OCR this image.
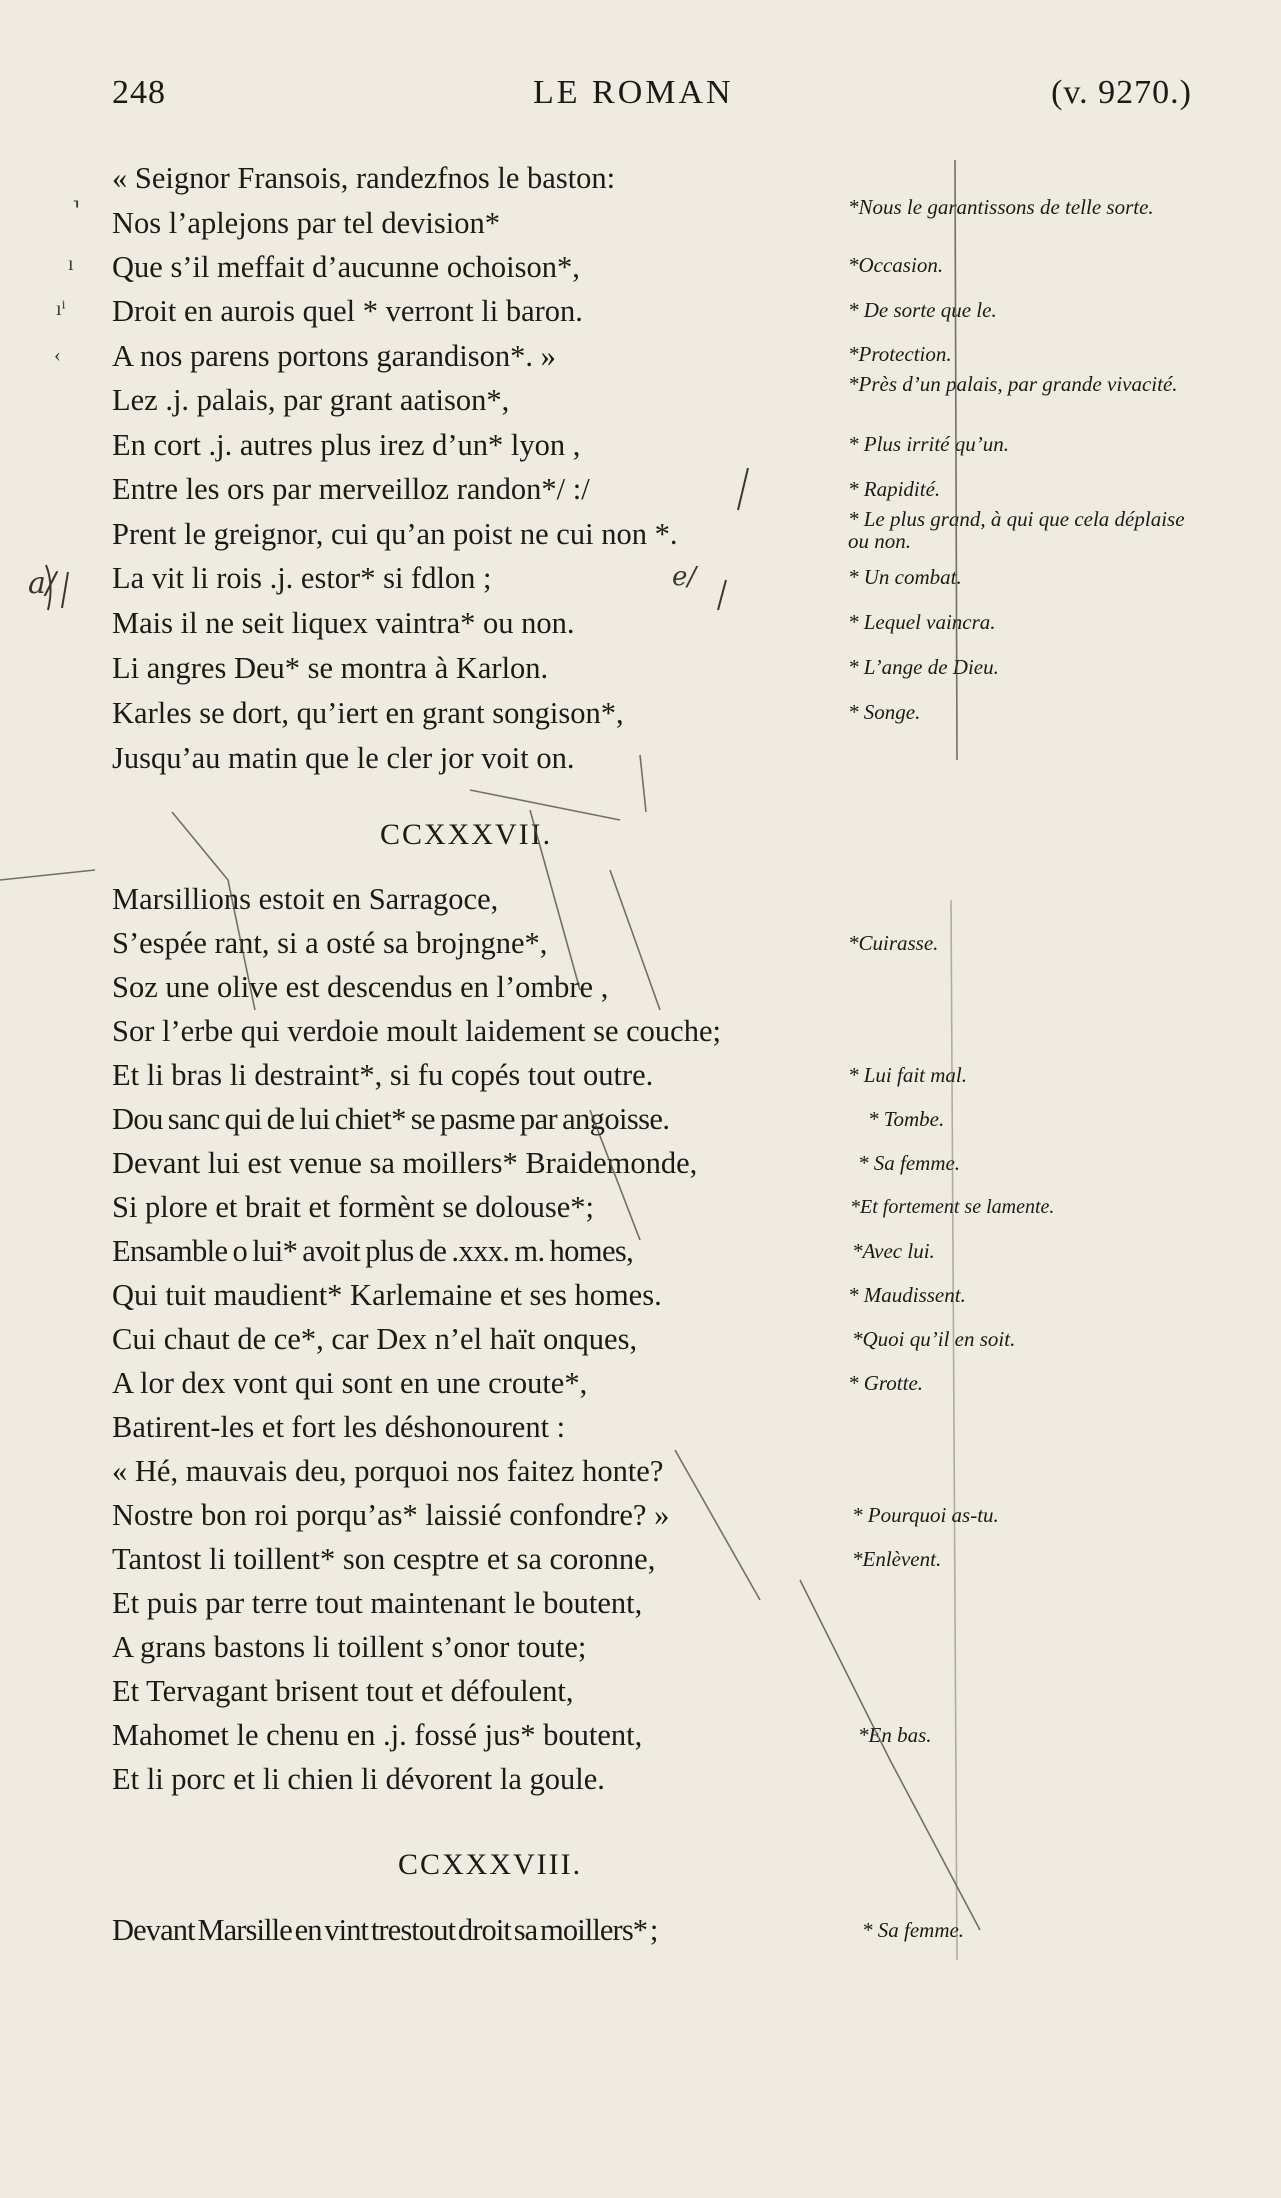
248	LE ROMAN	(v. 9270.)
« Seignor Fransois, randezfnos le baston:
Nos l’aplejons par tel devision*	*Nous le garantissons de telle sorte.
Que s’il meffait d’aucunne ochoison*,	*Occasion.
Droit en aurois quel * verront li baron.	* De sorte que le.
A nos parens portons garandison*. »	*Protection.
Lez .j. palais, par grant aatison*,	*Près d’un palais, par grande vivacité.
En cort .j. autres plus irez d’un* lyon ,	* Plus irrité qu’un.
Entre les ors par merveilloz randon*/ :/	* Rapidité.
Prent le greignor, cui qu’an poist ne cui non *.	* Le plus grand, à qui que cela déplaise ou non.
La vit li rois .j. estor* si fdlon ;	* Un combat.
Mais il ne seit liquex vaintra* ou non.	* Lequel vaincra.
Li angres Deu* se montra à Karlon.	* L’ange de Dieu.
Karles se dort, qu’iert en grant songison*,	* Songe.
Jusqu’au matin que le cler jor voit on.
CCXXXVII.
Marsillions estoit en Sarragoce,
S’espée rant, si a osté sa brojngne*,	*Cuirasse.
Soz une olive est descendus en l’ombre ,
Sor l’erbe qui verdoie moult laidement se couche;
Et li bras li destraint*, si fu copés tout outre.	* Lui fait mal.
Dou sanc qui de lui chiet* se pasme par angoisse.	* Tombe.
Devant lui est venue sa moillers* Braidemonde,	* Sa femme.
Si plore et brait et formènt se dolouse*;	*Et fortement se lamente.
Ensamble o lui* avoit plus de .xxx. m. homes,	*Avec lui.
Qui tuit maudient* Karlemaine et ses homes.	* Maudissent.
Cui chaut de ce*, car Dex n’el haït onques,	*Quoi qu’il en soit.
A lor dex vont qui sont en une croute*,	* Grotte.
Batirent-les et fort les déshonourent :
« Hé, mauvais deu, porquoi nos faitez honte?
Nostre bon roi porqu’as* laissié confondre? »	* Pourquoi as-tu.
Tantost li toillent* son cesptre et sa coronne,	*Enlèvent.
Et puis par terre tout maintenant le boutent,
A grans bastons li toillent s’onor toute;
Et Tervagant brisent tout et défoulent,
Mahomet le chenu en .j. fossé jus* boutent,	*En bas.
Et li porc et li chien li dévorent la goule.
CCXXXVIII.
Devant Marsille en vint trestout droit sa moillers* ;	* Sa femme.
⸣
ı
ıⁱ
‹
a/	e/
